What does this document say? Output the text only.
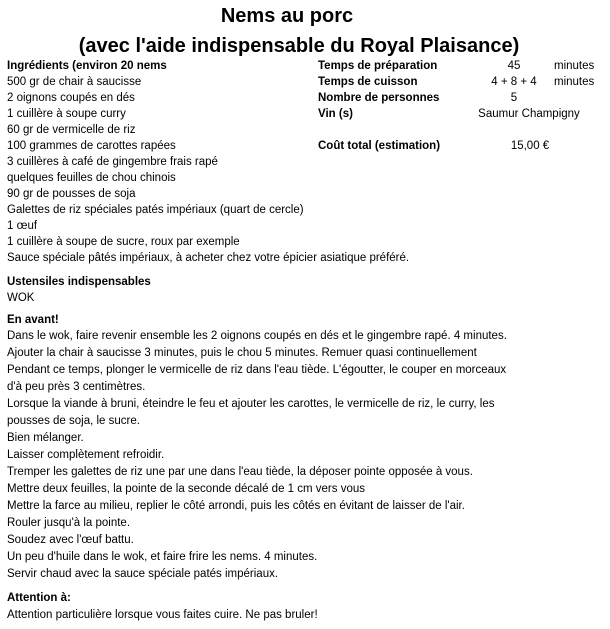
Nems au porc
(avec l'aide indispensable du Royal Plaisance)

Ingrédients (environ 20 nems

500 gr de chair à saucisse

2 oignons coupés en dés

1 cuillère à soupe curry

60 gr de vermicelle de riz

100 grammes de carottes rapées

3 cuillères à café de gingembre frais rapé

quelques feuilles de chou chinois

90 gr de pousses de soja

Galettes de riz spéciales patés impériaux (quart de cercle)

1 œuf

1 cuillère à soupe de sucre, roux par exemple

Sauce spéciale pâtés impériaux, à acheter chez votre épicier asiatique préféré.

Temps de préparation	45	minutes
Temps de cuisson	4 + 8 + 4	minutes
Nombre de personnes	5
Vin (s)	Saumur Champigny
Coût total (estimation)	15,00 €

Ustensiles indispensables

WOK

En avant!

Dans le wok, faire revenir ensemble les 2 oignons coupés en dés et le gingembre rapé. 4 minutes.

Ajouter la chair à saucisse 3 minutes, puis le chou 5 minutes. Remuer quasi continuellement

Pendant ce temps, plonger le vermicelle de riz dans l'eau tiède. L'égoutter, le couper en morceaux

d'à peu près 3 centimètres.

Lorsque la viande à bruni, éteindre le feu et ajouter les carottes, le vermicelle de riz, le curry, les

pousses de soja, le sucre.

Bien mélanger.

Laisser complètement refroidir.

Tremper les galettes de riz une par une dans l'eau tiède, la déposer pointe opposée à vous.

Mettre deux feuilles, la pointe de la seconde décalé de 1 cm vers vous

Mettre la farce au milieu, replier le côté arrondi, puis les côtés en évitant de laisser de l'air.

Rouler jusqu'à la pointe.

Soudez avec l'œuf battu.

Un peu d'huile dans le wok, et faire frire les nems. 4 minutes.

Servir chaud avec la sauce spéciale patés impériaux.

Attention à:

Attention particulière lorsque vous faites cuire. Ne pas bruler!
